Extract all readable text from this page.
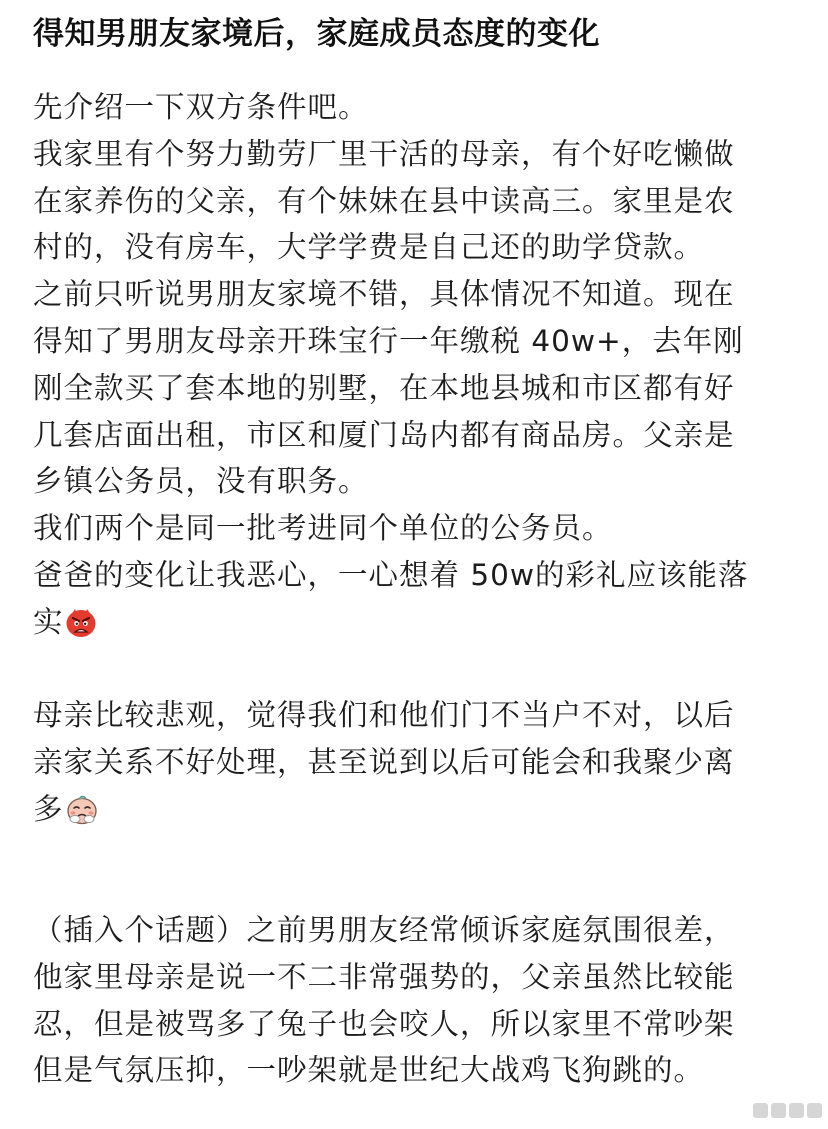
得知男朋友家境后，家庭成员态度的变化
先介绍一下双方条件吧。
我家里有个努力勤劳厂里干活的母亲，有个好吃懒做
在家养伤的父亲，有个妹妹在县中读高三。家里是农
村的，没有房车，大学学费是自己还的助学贷款。
之前只听说男朋友家境不错，具体情况不知道。现在
得知了男朋友母亲开珠宝行一年缴税 40w+，去年刚
刚全款买了套本地的别墅，在本地县城和市区都有好
几套店面出租，市区和厦门岛内都有商品房。父亲是
乡镇公务员，没有职务。
我们两个是同一批考进同个单位的公务员。
爸爸的变化让我恶心，一心想着 50w的彩礼应该能落
实
母亲比较悲观，觉得我们和他们门不当户不对，以后
亲家关系不好处理，甚至说到以后可能会和我聚少离
多
（插入个话题）之前男朋友经常倾诉家庭氛围很差，
他家里母亲是说一不二非常强势的，父亲虽然比较能
忍，但是被骂多了兔子也会咬人，所以家里不常吵架
但是气氛压抑，一吵架就是世纪大战鸡飞狗跳的。
